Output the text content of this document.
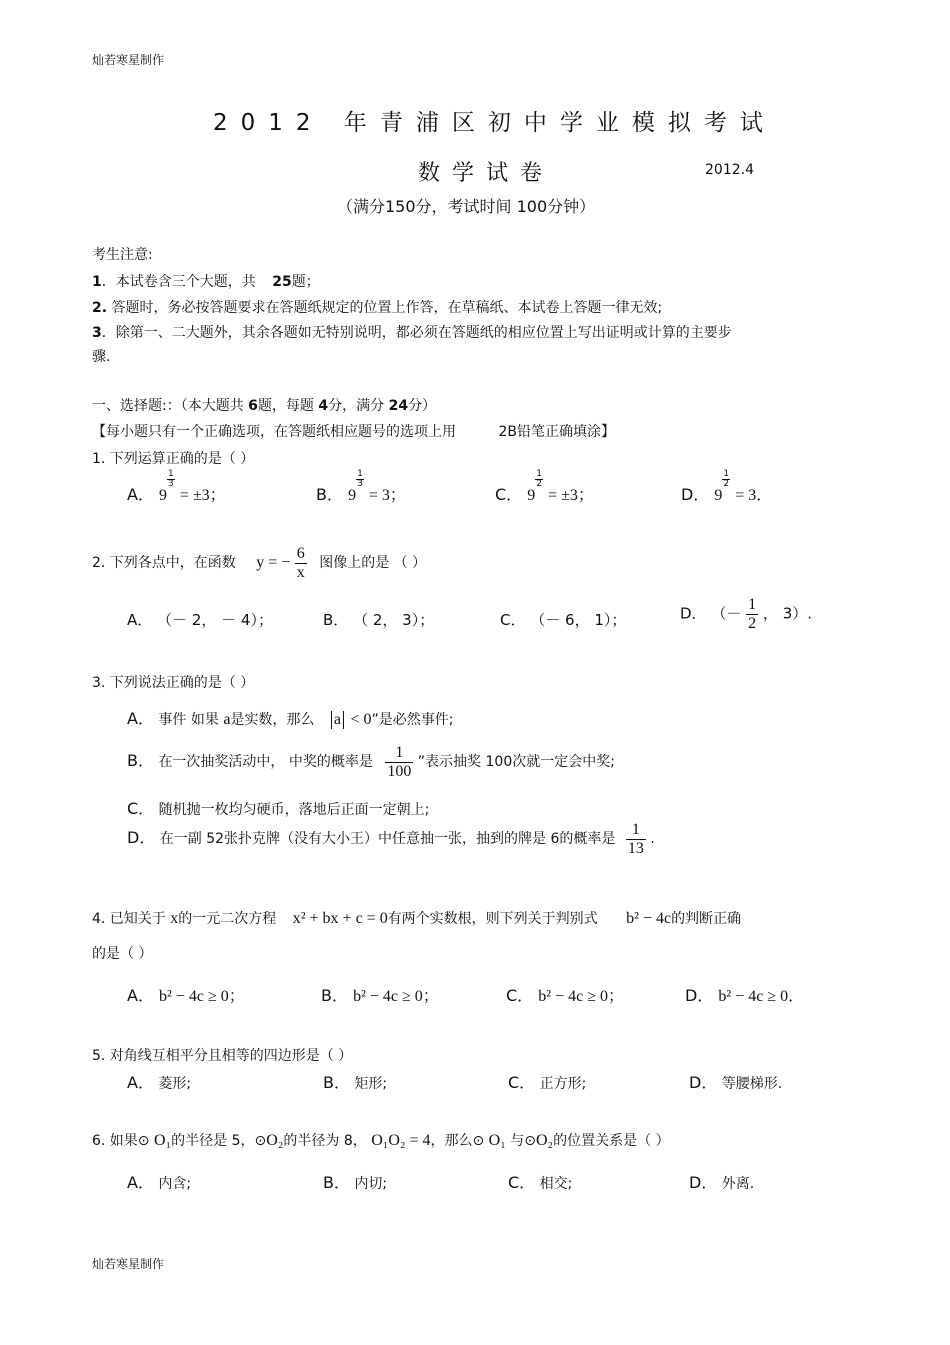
灿若寒星制作
2012 年青浦区初中学业模拟考试
数学试卷	2012.4
（满分150分，考试时间 100分钟）
考生注意:
1．本试卷含三个大题，共 25题；
2. 答题时，务必按答题要求在答题纸规定的位置上作答，在草稿纸、本试卷上答题一律无效;
3．除第一、二大题外，其余各题如无特别说明，都必须在答题纸的相应位置上写出证明或计算的主要步
骤.
一、选择题:：（本大题共 6题，每题 4分，满分 24分）
【每小题只有一个正确选项，在答题纸相应题号的选项上用	2B铅笔正确填涂】
1. 下列运算正确的是（ ）
A． 9
$\frac{1}{3}$
= ±3；	B． 9
$\frac{1}{3}$
= 3；	C． 9
$\frac{1}{2}$
= ±3；	D． 9
$\frac{1}{2}$
= 3．
2. 下列各点中，在函数 y = − $\frac{6}{x}$ 图像上的是 （ ）
A． （－ 2， － 4）；	B． （ 2， 3）；	C． （－ 6， 1）；	D． （－ $\frac{1}{2}$ ， 3）.
3. 下列说法正确的是（ ）
A． 事件 如果 a是实数，那么 a < 0”是必然事件;
B． 在一次抽奖活动中， 中奖的概率是 $\frac{1}{100}$ ”表示抽奖 100次就一定会中奖;
C． 随机抛一枚均匀硬币，落地后正面一定朝上;
D． 在一副 52张扑克牌（没有大小王）中任意抽一张，抽到的牌是 6的概率是 $\frac{1}{13}$ .
4. 已知关于 x的一元二次方程 x² + bx + c = 0有两个实数根，则下列关于判别式 b² − 4c的判断正确
的是（ ）
A． b² − 4c ≥ 0；	B． b² − 4c ≥ 0；	C． b² − 4c ≥ 0；	D． b² − 4c ≥ 0．
5. 对角线互相平分且相等的四边形是（ ）
A． 菱形;	B． 矩形;	C． 正方形;	D． 等腰梯形.
6. 如果⊙ O₁的半径是 5，⊙O₂的半径为 8， O₁O₂ = 4，那么⊙ O₁ 与⊙O₂的位置关系是（ ）
A． 内含;	B． 内切;	C． 相交;	D． 外离.
灿若寒星制作
